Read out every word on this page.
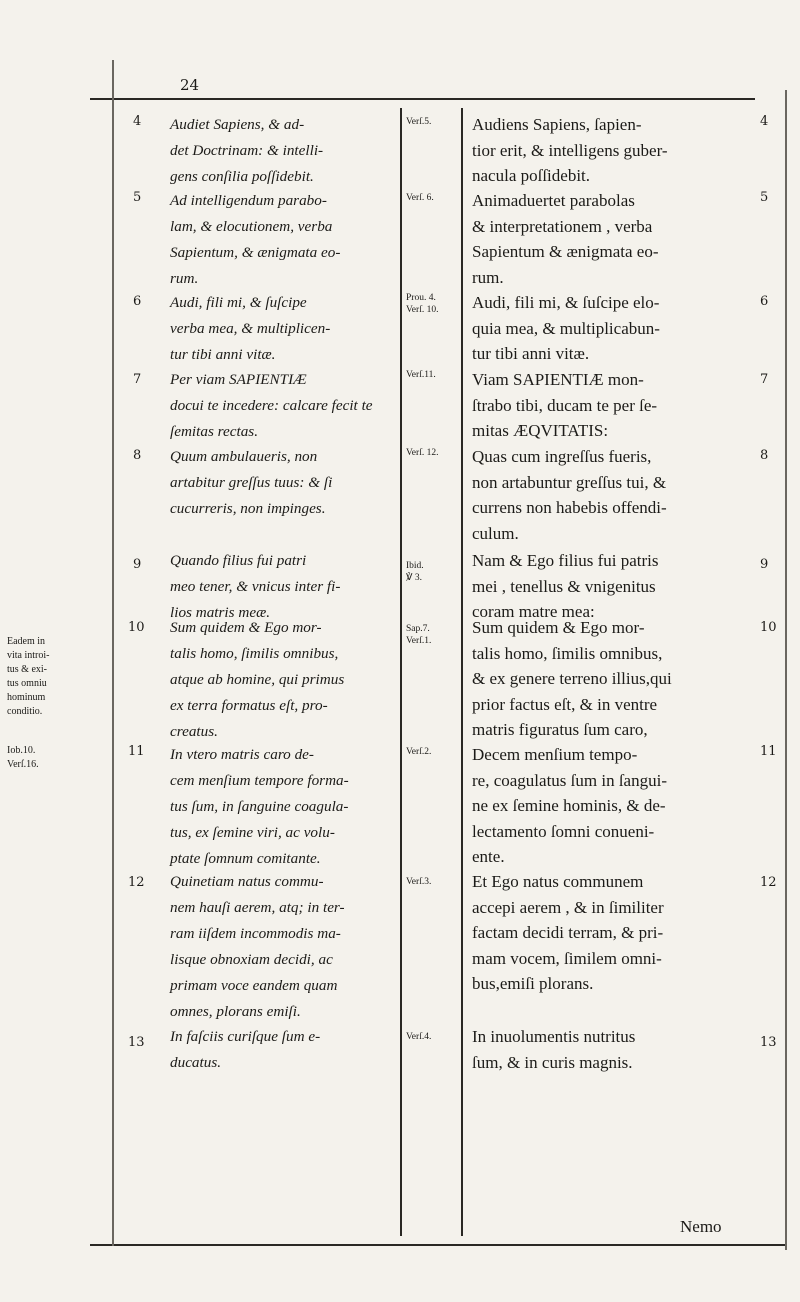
24
Nemo
Eadem in
vita introi-
tus & exi-
tus omniu
hominum
conditio.
Iob.10.
Verſ.16.
4
5
6
7
8
9
10
11
12
13
4
5
6
7
8
9
10
11
12
13
Verſ.5.
Verſ. 6.
Prou. 4.
Verſ. 10.
Verſ.11.
Verſ. 12.
Ibid.
℣ 3.
Sap.7.
Verſ.1.
Verſ.2.
Verſ.3.
Verſ.4.
Audiet Sapiens, & ad-
det Doctrinam: & intelli-
gens conſilia poſſidebit.
Ad intelligendum parabo-
lam, & elocutionem, verba
Sapientum, & ænigmata eo-
rum.
Audi, fili mi, & ſuſcipe
verba mea, & multiplicen-
tur tibi anni vitæ.
Per viam SAPIENTIÆ
docui te incedere: calcare fecit te
ſemitas rectas.
Quum ambulaueris, non
artabitur greſſus tuus: & ſi
cucurreris, non impinges.
Quando filius fui patri
meo tener, & vnicus inter fi-
lios matris meæ.
Sum quidem & Ego mor-
talis homo, ſimilis omnibus,
atque ab homine, qui primus
ex terra formatus eſt, pro-
creatus.
In vtero matris caro de-
cem menſium tempore forma-
tus ſum, in ſanguine coagula-
tus, ex ſemine viri, ac volu-
ptate ſomnum comitante.
Quinetiam natus commu-
nem hauſi aerem, atq; in ter-
ram iiſdem incommodis ma-
lisque obnoxiam decidi, ac
primam voce eandem quam
omnes, plorans emiſi.
In faſciis curiſque ſum e-
ducatus.
Audiens Sapiens, ſapien-
tior erit, & intelligens guber-
nacula poſſidebit.
Animaduertet parabolas
& interpretationem , verba
Sapientum & ænigmata eo-
rum.
Audi, fili mi, & ſuſcipe elo-
quia mea, & multiplicabun-
tur tibi anni vitæ.
Viam SAPIENTIÆ mon-
ſtrabo tibi, ducam te per ſe-
mitas ÆQVITATIS:
Quas cum ingreſſus fueris,
non artabuntur greſſus tui, &
currens non habebis offendi-
culum.
Nam & Ego filius fui patris
mei , tenellus & vnigenitus
coram matre mea:
Sum quidem & Ego mor-
talis homo, ſimilis omnibus,
& ex genere terreno illius,qui
prior factus eſt, & in ventre
matris figuratus ſum caro,
Decem menſium tempo-
re, coagulatus ſum in ſangui-
ne ex ſemine hominis, & de-
lectamento ſomni conueni-
ente.
Et Ego natus communem
accepi aerem , & in ſimiliter
factam decidi terram, & pri-
mam vocem, ſimilem omni-
bus,emiſi plorans.
In inuolumentis nutritus
ſum, & in curis magnis.
